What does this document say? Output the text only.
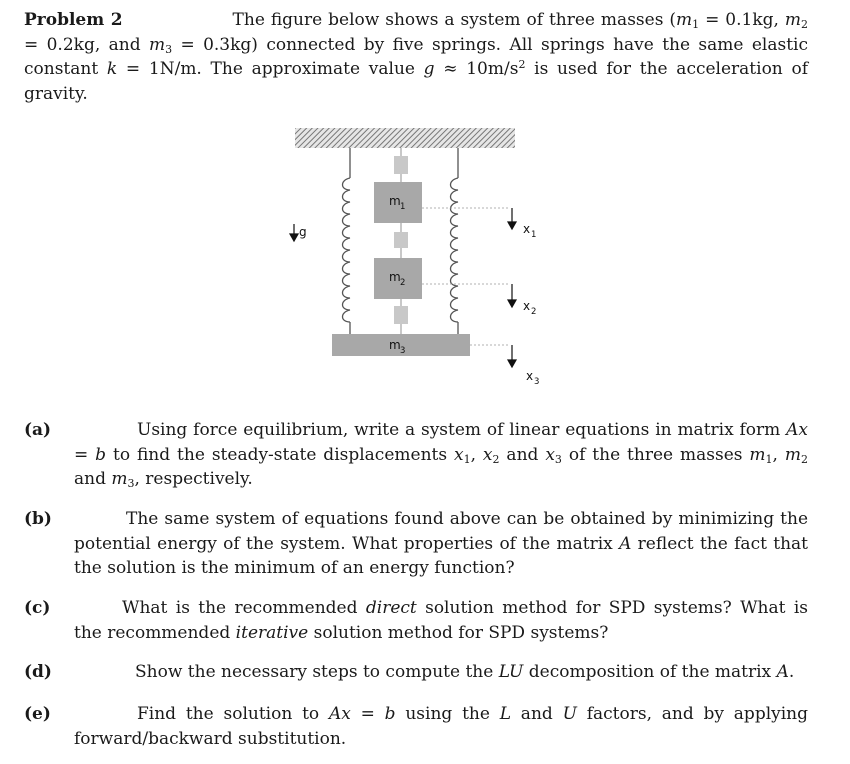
Problem 2	The figure below shows a system of three masses ($m_1 = 0.1kg$, $m_2 = 0.2kg$, and $m_3 = 0.3kg$) connected by five springs. All springs have the same elastic constant k = 1N/m. The approximate value $g \approx 10m/s^2$ is used for the acceleration of gravity.
m 1
m 2
m 3
x 1
x 2
x 3
g
(a)	Using force equilibrium, write a system of linear equations in matrix form Ax = b to find the steady-state displacements $x_1$, $x_2$ and $x_3$ of the three masses $m_1$, $m_2$ and $m_3$, respectively.
(b)	The same system of equations found above can be obtained by minimizing the potential energy of the system. What properties of the matrix A reflect the fact that the solution is the minimum of an energy function?
(c)	What is the recommended direct solution method for SPD systems? What is the recommended iterative solution method for SPD systems?
(d)	Show the necessary steps to compute the LU decomposition of the matrix A.
(e)	Find the solution to Ax = b using the L and U factors, and by applying forward/backward substitution.
